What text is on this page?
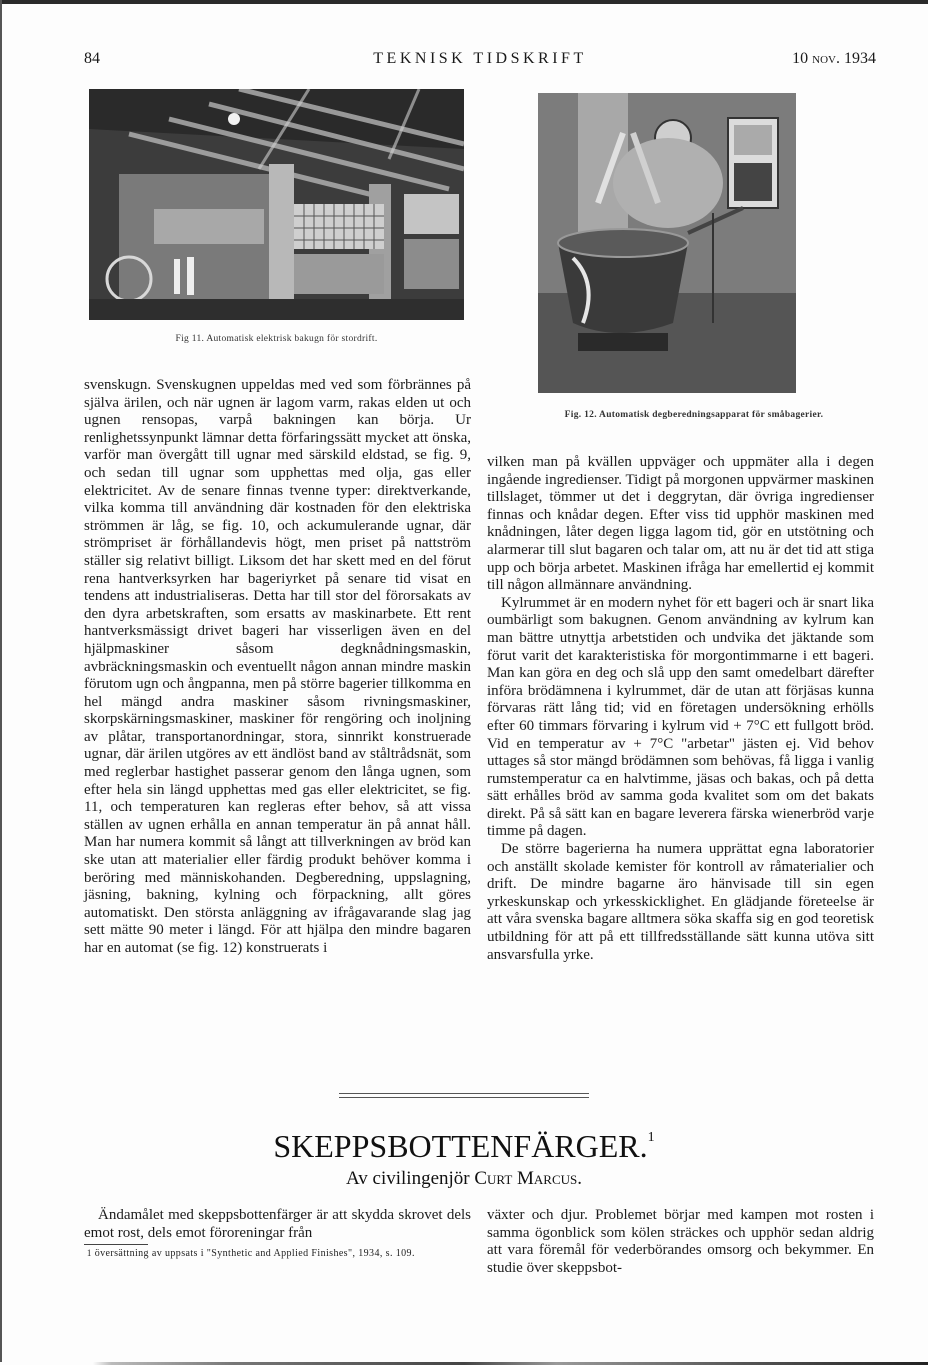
84	TEKNISK TIDSKRIFT	10 nov. 1934
Fig 11. Automatisk elektrisk bakugn för stordrift.
Fig. 12. Automatisk degberedningsapparat för småbagerier.

svenskugn. Svenskugnen uppeldas med ved som förbrännes på själva ärilen, och när ugnen är lagom varm, rakas elden ut och ugnen rensopas, varpå bakningen kan börja. Ur renlighetssynpunkt lämnar detta förfaringssätt mycket att önska, varför man övergått till ugnar med särskild eldstad, se fig. 9, och sedan till ugnar som upphettas med olja, gas eller elektricitet. Av de senare finnas tvenne typer: direktverkande, vilka komma till användning där kostnaden för den elektriska strömmen är låg, se fig. 10, och ackumulerande ugnar, där strömpriset är förhållandevis högt, men priset på nattström ställer sig relativt billigt. Liksom det har skett med en del förut rena hantverksyrken har bageriyrket på senare tid visat en tendens att industrialiseras. Detta har till stor del förorsakats av den dyra arbetskraften, som ersatts av maskinarbete. Ett rent hantverksmässigt drivet bageri har visserligen även en del hjälpmaskiner såsom degknådningsmaskin, avbräckningsmaskin och eventuellt någon annan mindre maskin förutom ugn och ångpanna, men på större bagerier tillkomma en hel mängd andra maskiner såsom rivningsmaskiner, skorpskärningsmaskiner, maskiner för rengöring och inoljning av plåtar, transportanordningar, stora, sinnrikt konstruerade ugnar, där ärilen utgöres av ett ändlöst band av ståltrådsnät, som med reglerbar hastighet passerar genom den långa ugnen, som efter hela sin längd upphettas med gas eller elektricitet, se fig. 11, och temperaturen kan regleras efter behov, så att vissa ställen av ugnen erhålla en annan temperatur än på annat håll. Man har numera kommit så långt att tillverkningen av bröd kan ske utan att materialier eller färdig produkt behöver komma i beröring med människohanden. Degberedning, uppslagning, jäsning, bakning, kylning och förpackning, allt göres automatiskt. Den största anläggning av ifrågavarande slag jag sett mätte 90 meter i längd. För att hjälpa den mindre bagaren har en automat (se fig. 12) konstruerats i

vilken man på kvällen uppväger och uppmäter alla i degen ingående ingredienser. Tidigt på morgonen uppvärmer maskinen tillslaget, tömmer ut det i deggrytan, där övriga ingredienser finnas och knådar degen. Efter viss tid upphör maskinen med knådningen, låter degen ligga lagom tid, gör en utstötning och alarmerar till slut bagaren och talar om, att nu är det tid att stiga upp och börja arbetet. Maskinen ifråga har emellertid ej kommit till någon allmännare användning.

Kylrummet är en modern nyhet för ett bageri och är snart lika oumbärligt som bakugnen. Genom användning av kylrum kan man bättre utnyttja arbetstiden och undvika det jäktande som förut varit det karakteristiska för morgontimmarne i ett bageri. Man kan göra en deg och slå upp den samt omedelbart därefter införa brödämnena i kylrummet, där de utan att förjäsas kunna förvaras rätt lång tid; vid en företagen undersökning erhölls efter 60 timmars förvaring i kylrum vid + 7°C ett fullgott bröd. Vid en temperatur av + 7°C "arbetar" jästen ej. Vid behov uttages så stor mängd brödämnen som behövas, få ligga i vanlig rumstemperatur ca en halvtimme, jäsas och bakas, och på detta sätt erhålles bröd av samma goda kvalitet som om det bakats direkt. På så sätt kan en bagare leverera färska wienerbröd varje timme på dagen.

De större bagerierna ha numera upprättat egna laboratorier och anställt skolade kemister för kontroll av råmaterialier och drift. De mindre bagarne äro hänvisade till sin egen yrkeskunskap och yrkesskicklighet. En glädjande företeelse är att våra svenska bagare alltmera söka skaffa sig en god teoretisk utbildning för att på ett tillfredsställande sätt kunna utöva sitt ansvarsfulla yrke.

SKEPPSBOTTENFÄRGER.$^1$
Av civilingenjör Curt Marcus.

Ändamålet med skeppsbottenfärger är att skydda skrovet dels emot rost, dels emot föroreningar från

1 översättning av uppsats i "Synthetic and Applied Finishes", 1934, s. 109.

växter och djur. Problemet börjar med kampen mot rosten i samma ögonblick som kölen sträckes och upphör sedan aldrig att vara föremål för vederbörandes omsorg och bekymmer. En studie över skeppsbot-
